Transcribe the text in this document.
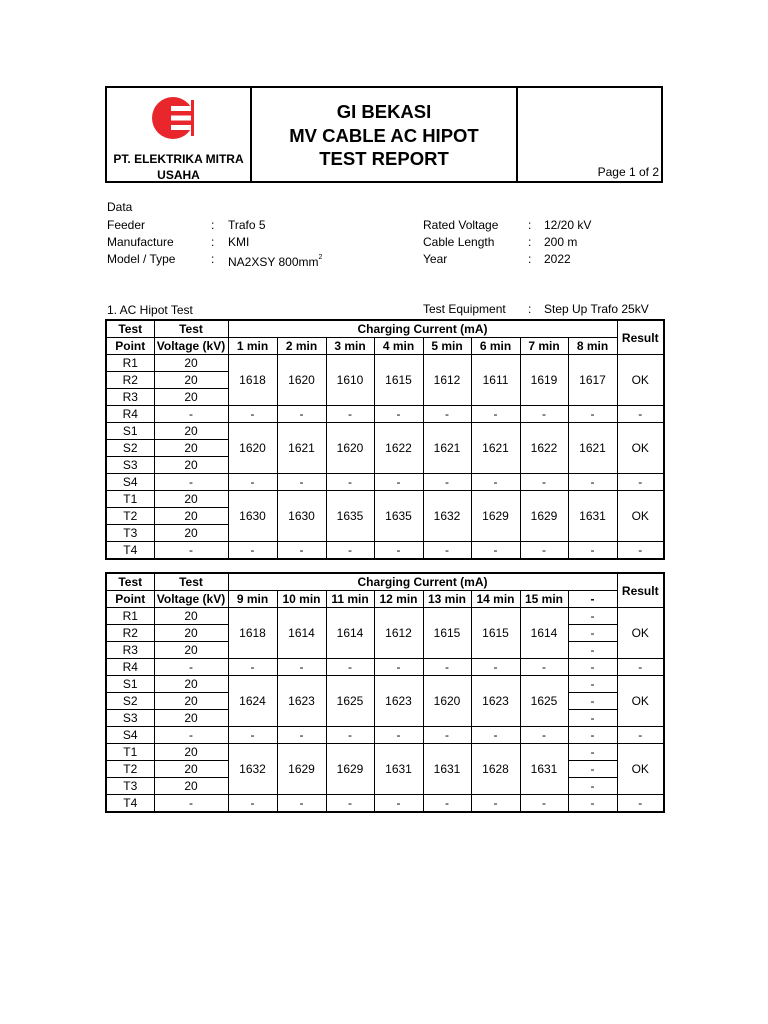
PT. ELEKTRIKA MITRA USAHA
GI BEKASI
MV CABLE AC HIPOT
TEST REPORT
Page 1 of 2
Data
Feeder	: Trafo 5
Manufacture	: KMI
Model / Type	: NA2XSY $800mm^2$
Rated Voltage : 12/20 kV
Cable Length	: 200 m
Year	: 2022
1. AC Hipot Test	Test Equipment : Step Up Trafo 25kV
Test	Test	Charging Current (mA)								Result
Point	Voltage (kV)	1 min	2 min	3 min	4 min	5 min	6 min	7 min	8 min	
R1	20	1618	1620	1610	1615	1612	1611	1619	1617	OK
R2	20									
R3	20									
R4	-	-	-	-	-	-	-	-	-	-
S1	20	1620	1621	1620	1622	1621	1621	1622	1621	OK
S2	20									
S3	20									
S4	-	-	-	-	-	-	-	-	-	-
T1	20	1630	1630	1635	1635	1632	1629	1629	1631	OK
T2	20									
T3	20									
T4	-	-	-	-	-	-	-	-	-	-
Test	Test	Charging Current (mA)								Result
Point	Voltage (kV)	9 min	10 min	11 min	12 min	13 min	14 min	15 min	-	
R1	20	1618	1614	1614	1612	1615	1615	1614	-	OK
R2	20								-	
R3	20								-	
R4	-	-	-	-	-	-	-	-	-	-
S1	20	1624	1623	1625	1623	1620	1623	1625	-	OK
S2	20								-	
S3	20								-	
S4	-	-	-	-	-	-	-	-	-	-
T1	20	1632	1629	1629	1631	1631	1628	1631	-	OK
T2	20								-	
T3	20								-	
T4	-	-	-	-	-	-	-	-	-	-
